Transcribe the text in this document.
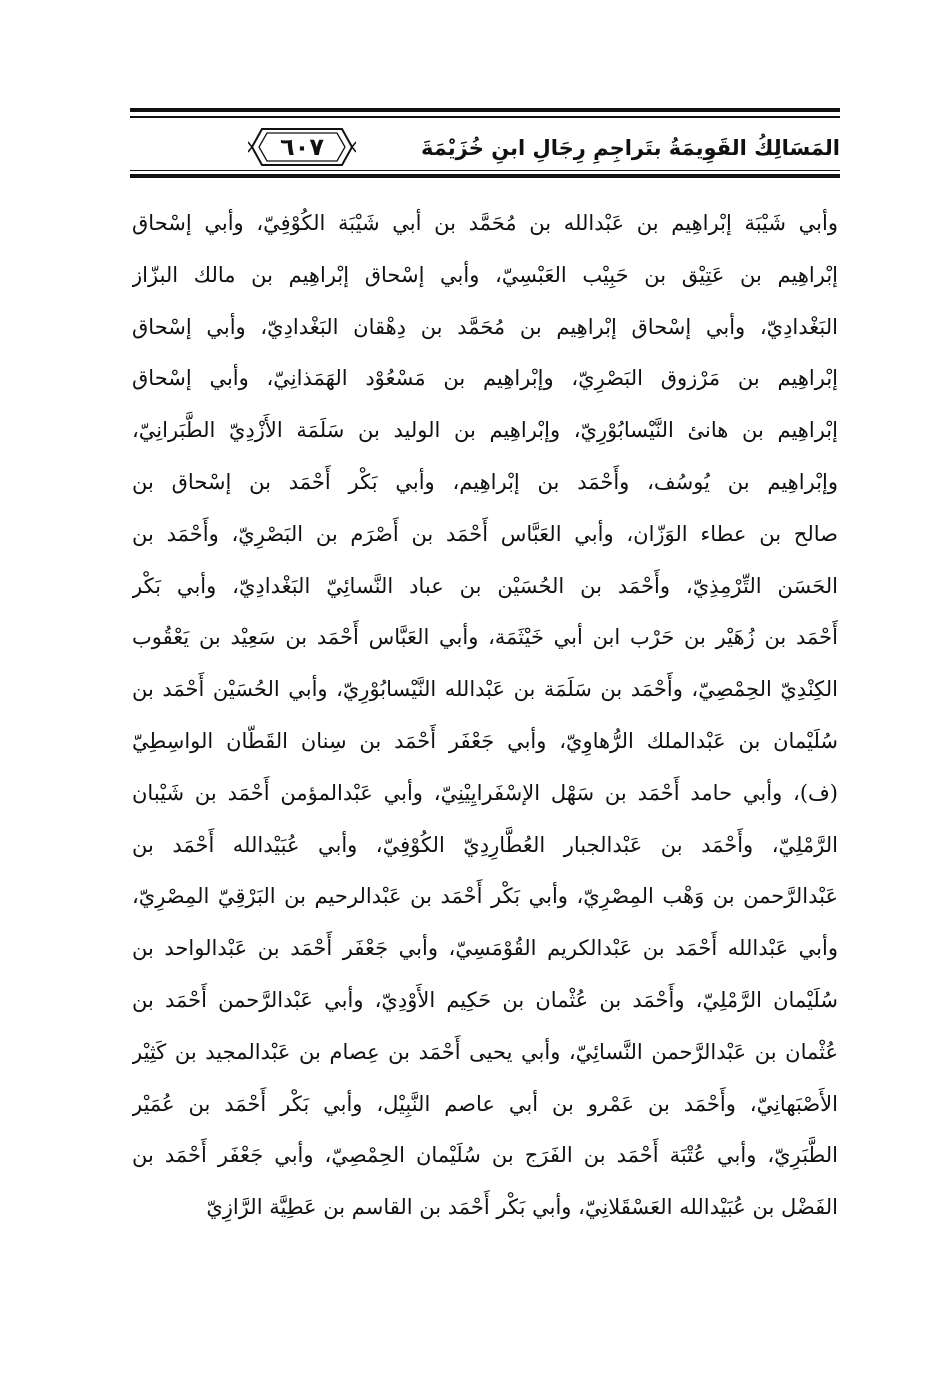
المَسَالِكُ القَوِيمَةُ بتَراجِمِ رِجَالِ ابنِ خُزَيْمَةَ
٦٠٧
وأبي شَيْبَة إبْراهِيم بن عَبْدالله بن مُحَمَّد بن أبي شَيْبَة الكُوْفِيّ، وأبي إسْحاق
إبْراهِيم بن عَتِيْق بن حَبِيْب العَبْسِيّ، وأبي إسْحاق إبْراهِيم بن مالك البزّاز
البَغْدادِيّ، وأبي إسْحاق إبْراهِيم بن مُحَمَّد بن دِهْقان البَغْدادِيّ، وأبي إسْحاق
إبْراهِيم بن مَرْزوق البَصْرِيّ، وإبْراهِيم بن مَسْعُوْد الهَمَذانِيّ، وأبي إسْحاق
إبْراهِيم بن هانئ النَّيْسابُوْرِيّ، وإبْراهِيم بن الوليد بن سَلَمَة الأَزْدِيّ الطَّبَرانِيّ،
وإبْراهِيم بن يُوسُف، وأَحْمَد بن إبْراهِيم، وأبي بَكْر أَحْمَد بن إسْحاق بن
صالح بن عطاء الوَزّان، وأبي العَبَّاس أَحْمَد بن أَصْرَم بن البَصْرِيّ، وأَحْمَد بن
الحَسَن التِّرْمِذِيّ، وأَحْمَد بن الحُسَيْن بن عباد النَّسائِيّ البَغْدادِيّ، وأبي بَكْر
أَحْمَد بن زُهَيْر بن حَرْب ابن أبي خَيْثَمَة، وأبي العَبَّاس أَحْمَد بن سَعِيْد بن يَعْقُوب
الكِنْدِيّ الحِمْصِيّ، وأَحْمَد بن سَلَمَة بن عَبْدالله النَّيْسابُوْرِيّ، وأبي الحُسَيْن أَحْمَد بن
سُلَيْمان بن عَبْدالملك الرُّهاوِيّ، وأبي جَعْفَر أَحْمَد بن سِنان القَطّان الواسِطِيّ
(ف)، وأبي حامد أَحْمَد بن سَهْل الإسْفَرايِيْنِيّ، وأبي عَبْدالمؤمن أَحْمَد بن شَيْبان
الرَّمْلِيّ، وأَحْمَد بن عَبْدالجبار العُطَّارِدِيّ الكُوْفِيّ، وأبي عُبَيْدالله أَحْمَد بن
عَبْدالرَّحمن بن وَهْب المِصْرِيّ، وأبي بَكْر أَحْمَد بن عَبْدالرحيم بن البَرْقِيّ المِصْرِيّ،
وأبي عَبْدالله أَحْمَد بن عَبْدالكريم القُوْمَسِيّ، وأبي جَعْفَر أَحْمَد بن عَبْدالواحد بن
سُلَيْمان الرَّمْلِيّ، وأَحْمَد بن عُثْمان بن حَكِيم الأَوْدِيّ، وأبي عَبْدالرَّحمن أَحْمَد بن
عُثْمان بن عَبْدالرَّحمن النَّسائِيّ، وأبي يحيى أَحْمَد بن عِصام بن عَبْدالمجيد بن كَثِيْر
الأَصْبَهانِيّ، وأَحْمَد بن عَمْرو بن أبي عاصم النَّبِيْل، وأبي بَكْر أَحْمَد بن عُمَيْر
الطَّبَرِيّ، وأبي عُتْبَة أَحْمَد بن الفَرَج بن سُلَيْمان الحِمْصِيّ، وأبي جَعْفَر أَحْمَد بن
الفَضْل بن عُبَيْدالله العَسْقَلانِيّ، وأبي بَكْر أَحْمَد بن القاسم بن عَطِيَّة الرَّازِيّ
